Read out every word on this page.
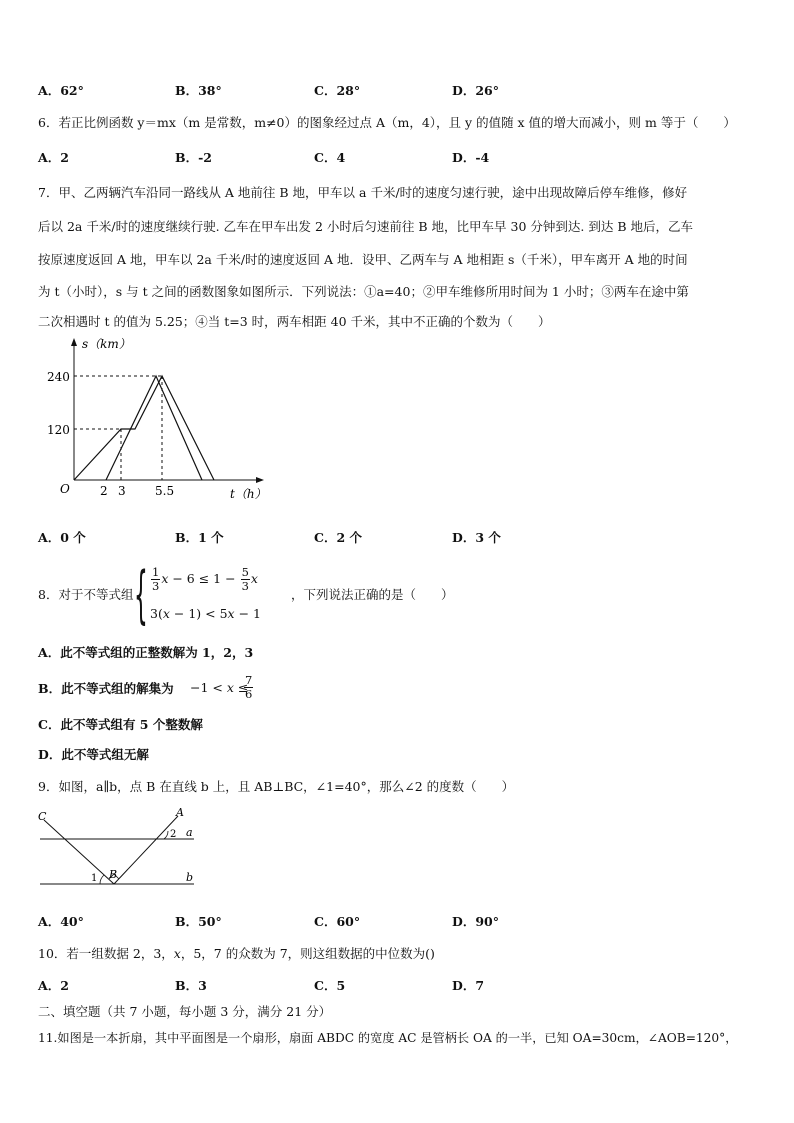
A．62°	B．38°	C．28°	D．26°
6．若正比例函数 y＝mx（m 是常数，m≠0）的图象经过点 A（m，4），且 y 的值随 x 值的增大而减小，则 m 等于（　　）
A．2	B．-2	C．4	D．-4
7．甲、乙两辆汽车沿同一路线从 A 地前往 B 地，甲车以 a 千米/时的速度匀速行驶，途中出现故障后停车维修，修好
后以 2a 千米/时的速度继续行驶. 乙车在甲车出发 2 小时后匀速前往 B 地，比甲车早 30 分钟到达. 到达 B 地后，乙车
按原速度返回 A 地，甲车以 2a 千米/时的速度返回 A 地．设甲、乙两车与 A 地相距 s（千米），甲车离开 A 地的时间
为 t（小时），s 与 t 之间的函数图象如图所示．下列说法：①a=40；②甲车维修所用时间为 1 小时；③两车在途中第
二次相遇时 t 的值为 5.25；④当 t=3 时，两车相距 40 千米，其中不正确的个数为（　　）
s（km）
t（h）
O
240
120
2 3 5.5
A．0 个	B．1 个	C．2 个	D．3 个
8．对于不等式组 { $\frac{1}{3}$ $x - 6 \le 1 - \frac{5}{3}$ x
3(x − 1) < 5x − 1
，下列说法正确的是（　　）
A．此不等式组的正整数解为 1，2，3
B．此不等式组的解集为 −1 < x ≤
$\frac{7}{6}$
C．此不等式组有 5 个整数解
D．此不等式组无解
9．如图，a∥b，点 B 在直线 b 上，且 AB⊥BC，∠1=40°，那么∠2 的度数（　　）
C	A
B
a
b
1
2
A．40°	B．50°	C．60°	D．90°
10．若一组数据 2，3，x，5，7 的众数为 7，则这组数据的中位数为()
A．2	B．3	C．5	D．7
二、填空题（共 7 小题，每小题 3 分，满分 21 分）
11.如图是一本折扇，其中平面图是一个扇形，扇面 ABDC 的宽度 AC 是管柄长 OA 的一半，已知 OA=30cm，∠AOB=120°，
